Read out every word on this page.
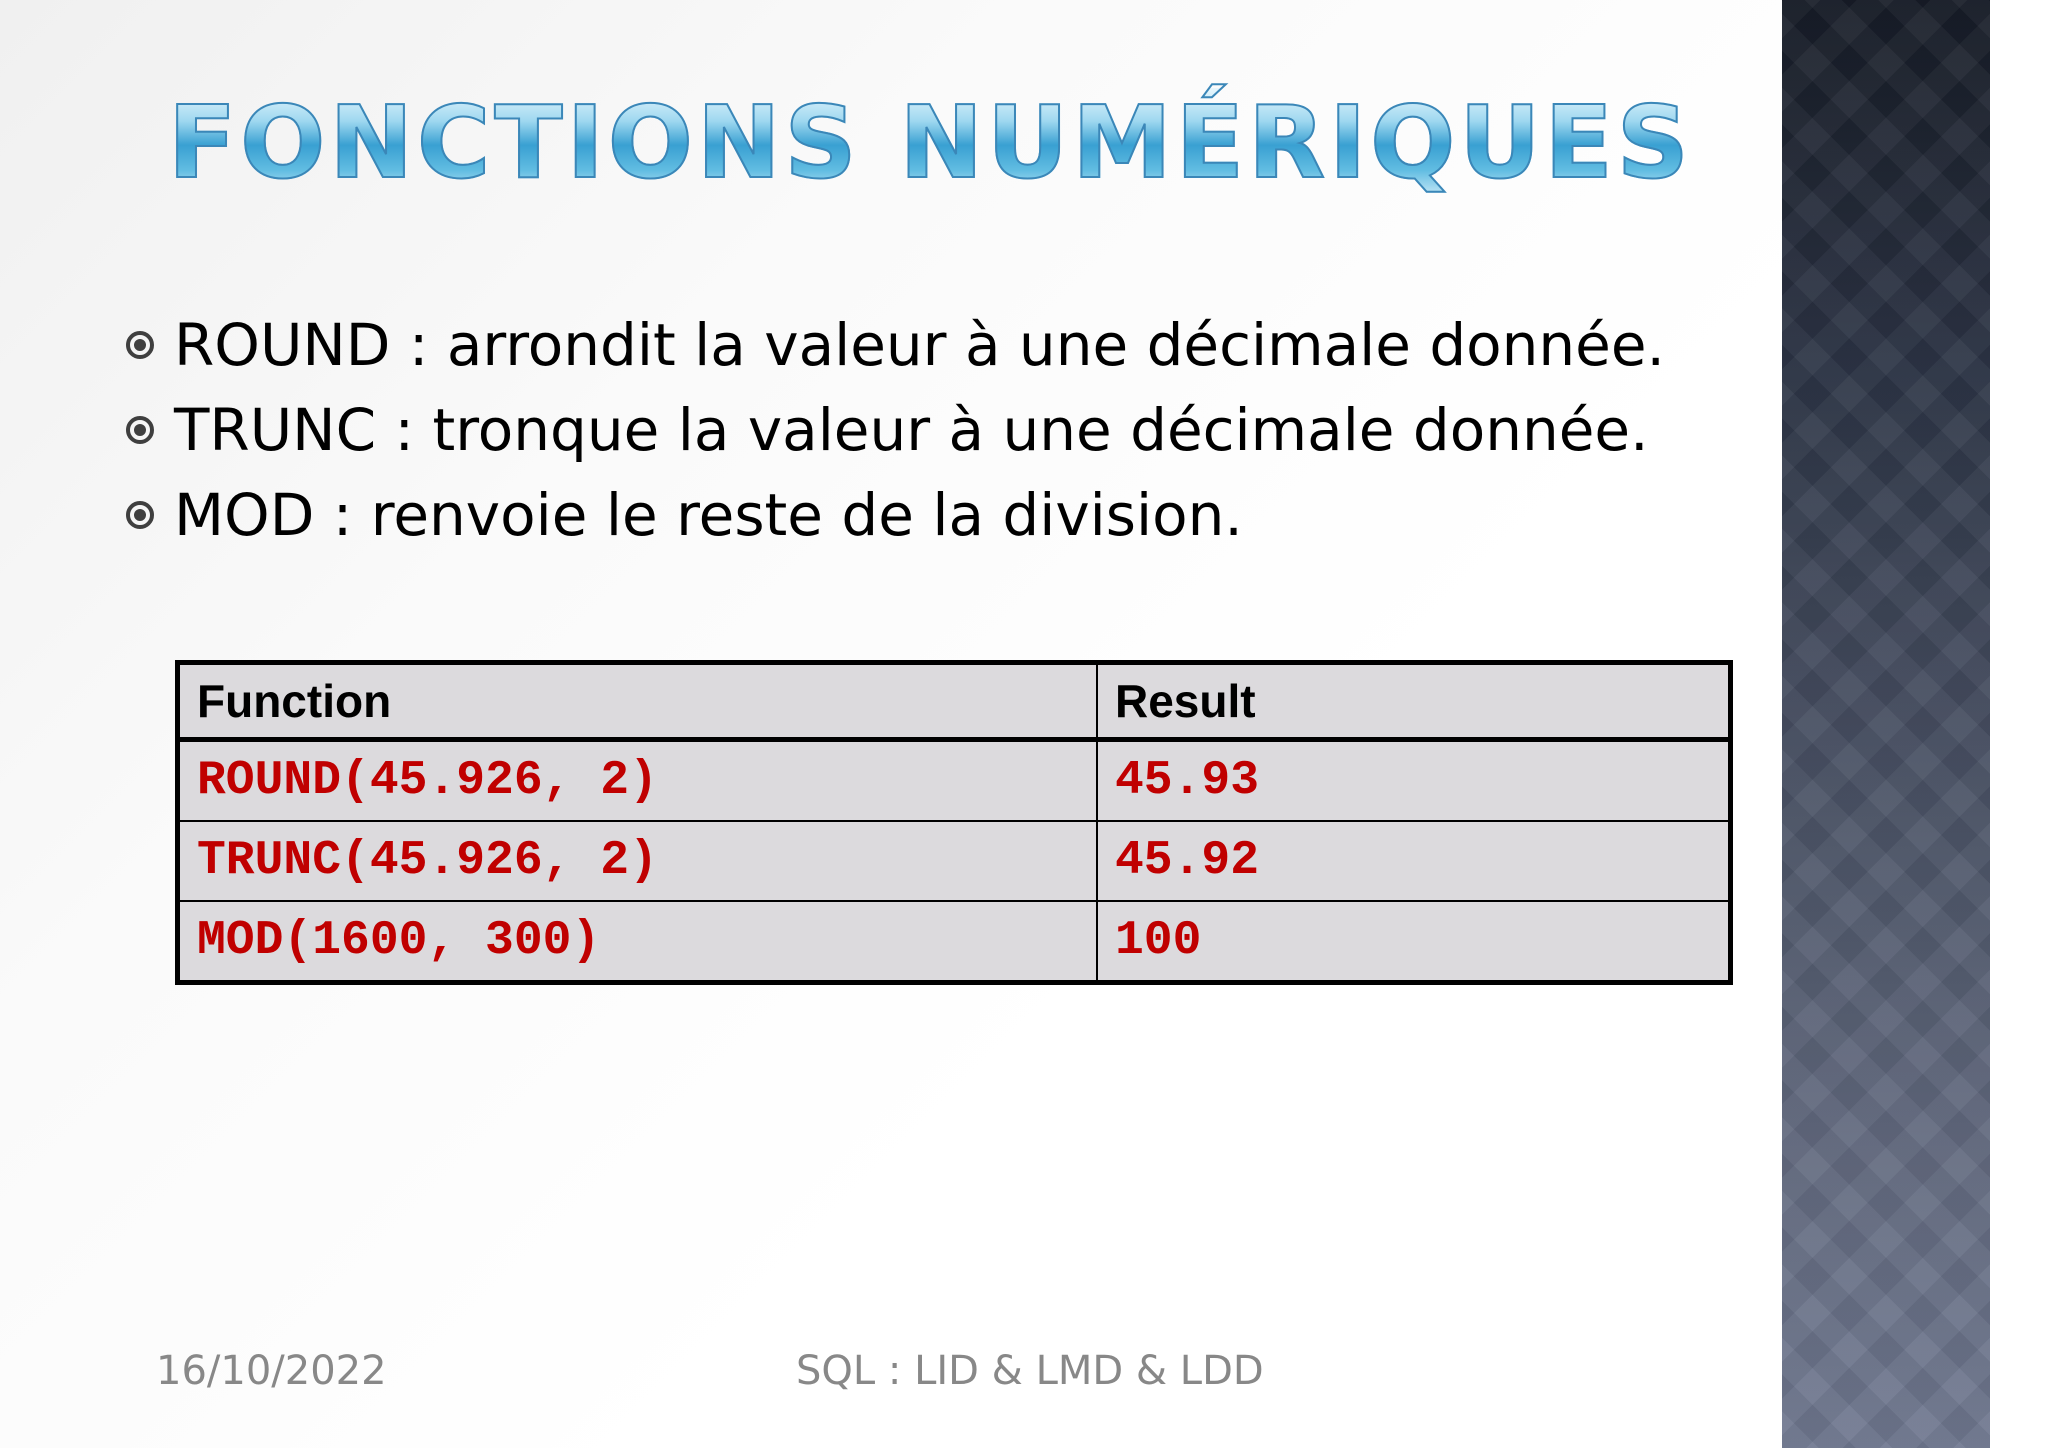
FONCTIONS NUMÉRIQUES
ROUND : arrondit la valeur à une décimale donnée.
TRUNC : tronque la valeur à une décimale donnée.
MOD : renvoie le reste de la division.
Function	Result
ROUND(45.926, 2)	45.93
TRUNC(45.926, 2)	45.92
MOD(1600, 300)	100
16/10/2022	SQL : LID & LMD & LDD
